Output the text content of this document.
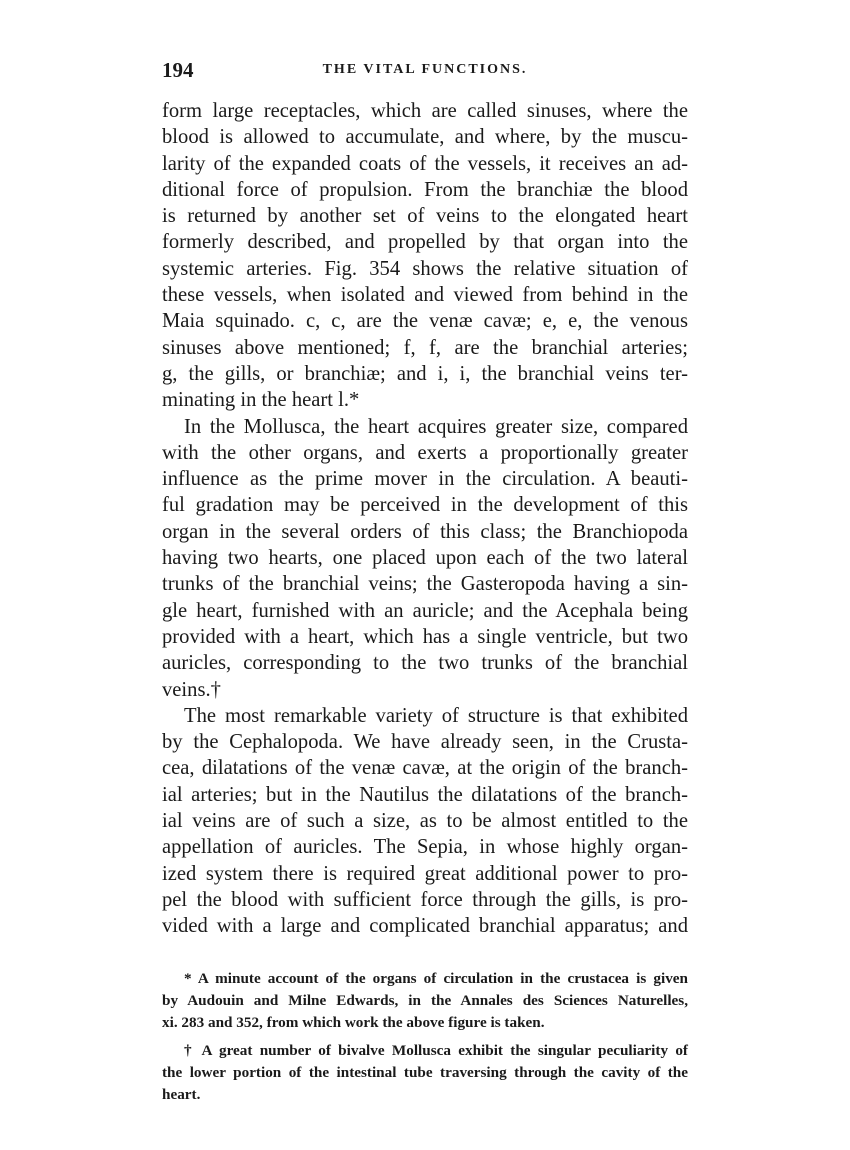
194	THE VITAL FUNCTIONS.
form large receptacles, which are called sinuses, where the
blood is allowed to accumulate, and where, by the muscu-
larity of the expanded coats of the vessels, it receives an ad-
ditional force of propulsion. From the branchiæ the blood
is returned by another set of veins to the elongated heart
formerly described, and propelled by that organ into the
systemic arteries. Fig. 354 shows the relative situation of
these vessels, when isolated and viewed from behind in the
Maia squinado. c, c, are the venæ cavæ; e, e, the venous
sinuses above mentioned; f, f, are the branchial arteries;
g, the gills, or branchiæ; and i, i, the branchial veins ter-
minating in the heart l.*
In the Mollusca, the heart acquires greater size, compared
with the other organs, and exerts a proportionally greater
influence as the prime mover in the circulation. A beauti-
ful gradation may be perceived in the development of this
organ in the several orders of this class; the Branchiopoda
having two hearts, one placed upon each of the two lateral
trunks of the branchial veins; the Gasteropoda having a sin-
gle heart, furnished with an auricle; and the Acephala being
provided with a heart, which has a single ventricle, but two
auricles, corresponding to the two trunks of the branchial
veins.†
The most remarkable variety of structure is that exhibited
by the Cephalopoda. We have already seen, in the Crusta-
cea, dilatations of the venæ cavæ, at the origin of the branch-
ial arteries; but in the Nautilus the dilatations of the branch-
ial veins are of such a size, as to be almost entitled to the
appellation of auricles. The Sepia, in whose highly organ-
ized system there is required great additional power to pro-
pel the blood with sufficient force through the gills, is pro-
vided with a large and complicated branchial apparatus; and
* A minute account of the organs of circulation in the crustacea is given
by Audouin and Milne Edwards, in the Annales des Sciences Naturelles,
xi. 283 and 352, from which work the above figure is taken.
† A great number of bivalve Mollusca exhibit the singular peculiarity of
the lower portion of the intestinal tube traversing through the cavity of the
heart.
